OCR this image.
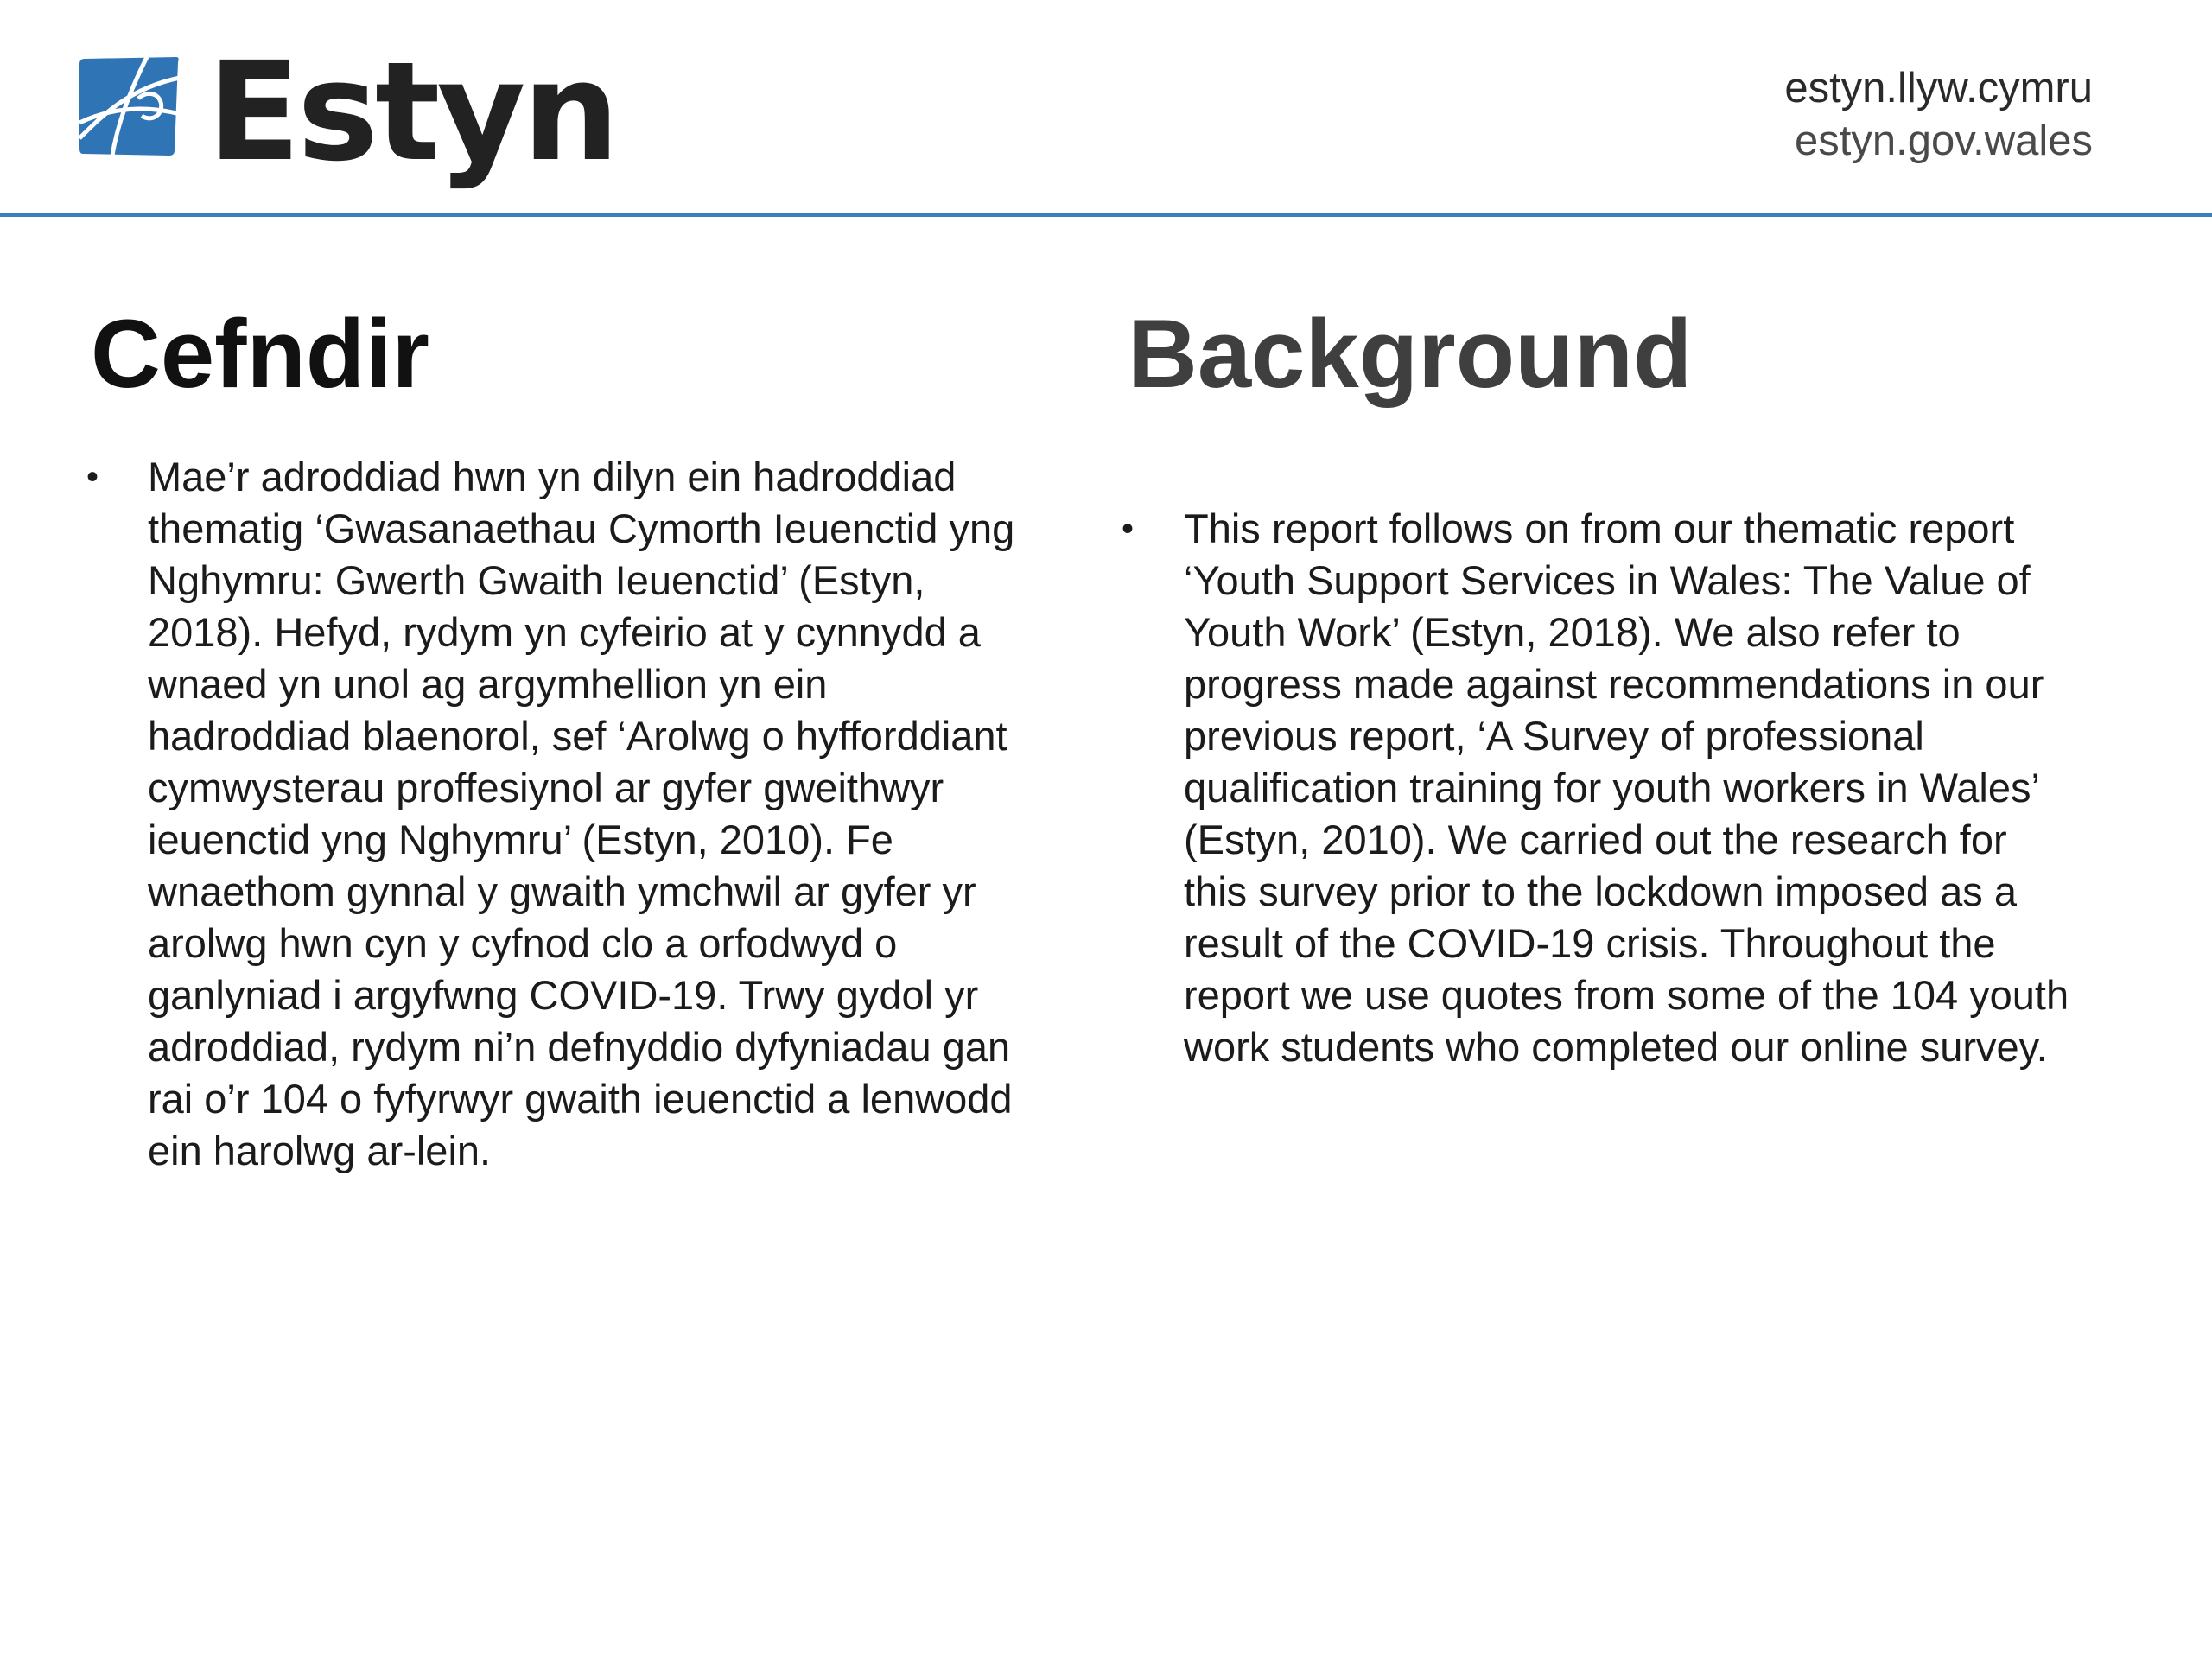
Estyn	estyn.llyw.cymru
estyn.gov.wales
Cefndir	Background
•	Mae’r adroddiad hwn yn dilyn ein hadroddiad
thematig ‘Gwasanaethau Cymorth Ieuenctid yng
Nghymru: Gwerth Gwaith Ieuenctid’ (Estyn,
2018). Hefyd, rydym yn cyfeirio at y cynnydd a
wnaed yn unol ag argymhellion yn ein
hadroddiad blaenorol, sef ‘Arolwg o hyfforddiant
cymwysterau proffesiynol ar gyfer gweithwyr
ieuenctid yng Nghymru’ (Estyn, 2010). Fe
wnaethom gynnal y gwaith ymchwil ar gyfer yr
arolwg hwn cyn y cyfnod clo a orfodwyd o
ganlyniad i argyfwng COVID-19. Trwy gydol yr
adroddiad, rydym ni’n defnyddio dyfyniadau gan
rai o’r 104 o fyfyrwyr gwaith ieuenctid a lenwodd
ein harolwg ar-lein.
•	This report follows on from our thematic report
‘Youth Support Services in Wales: The Value of
Youth Work’ (Estyn, 2018). We also refer to
progress made against recommendations in our
previous report, ‘A Survey of professional
qualification training for youth workers in Wales’
(Estyn, 2010). We carried out the research for
this survey prior to the lockdown imposed as a
result of the COVID-19 crisis. Throughout the
report we use quotes from some of the 104 youth
work students who completed our online survey.
